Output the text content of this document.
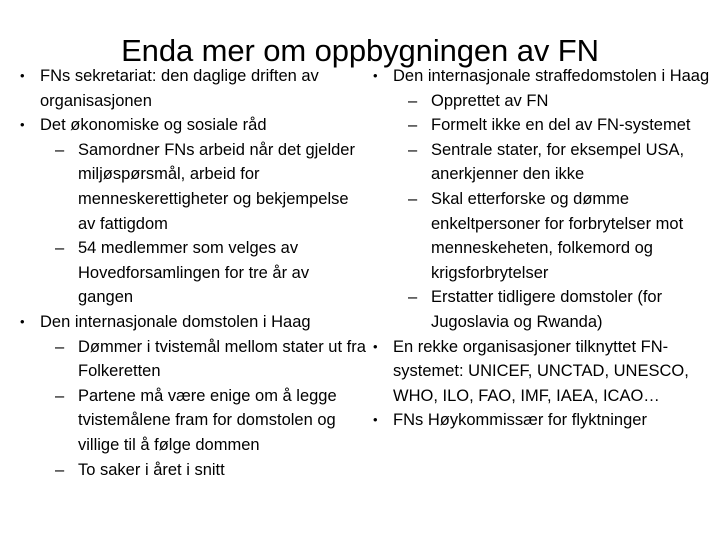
Enda mer om oppbygningen av FN
• FNs sekretariat: den daglige driften av organisasjonen
• Det økonomiske og sosiale råd
– Samordner FNs arbeid når det gjelder miljøspørsmål, arbeid for menneskerettigheter og bekjempelse av fattigdom
– 54 medlemmer som velges av Hovedforsamlingen for tre år av gangen
• Den internasjonale domstolen i Haag
– Dømmer i tvistemål mellom stater ut fra Folkeretten
– Partene må være enige om å legge tvistemålene fram for domstolen og villige til å følge dommen
– To saker i året i snitt
• Den internasjonale straffedomstolen i Haag
– Opprettet av FN
– Formelt ikke en del av FN-systemet
– Sentrale stater, for eksempel USA, anerkjenner den ikke
– Skal etterforske og dømme enkeltpersoner for forbrytelser mot menneskeheten, folkemord og krigsforbrytelser
– Erstatter tidligere domstoler (for Jugoslavia og Rwanda)
• En rekke organisasjoner tilknyttet FN-systemet: UNICEF, UNCTAD, UNESCO, WHO, ILO, FAO, IMF, IAEA, ICAO…
• FNs Høykommissær for flyktninger
